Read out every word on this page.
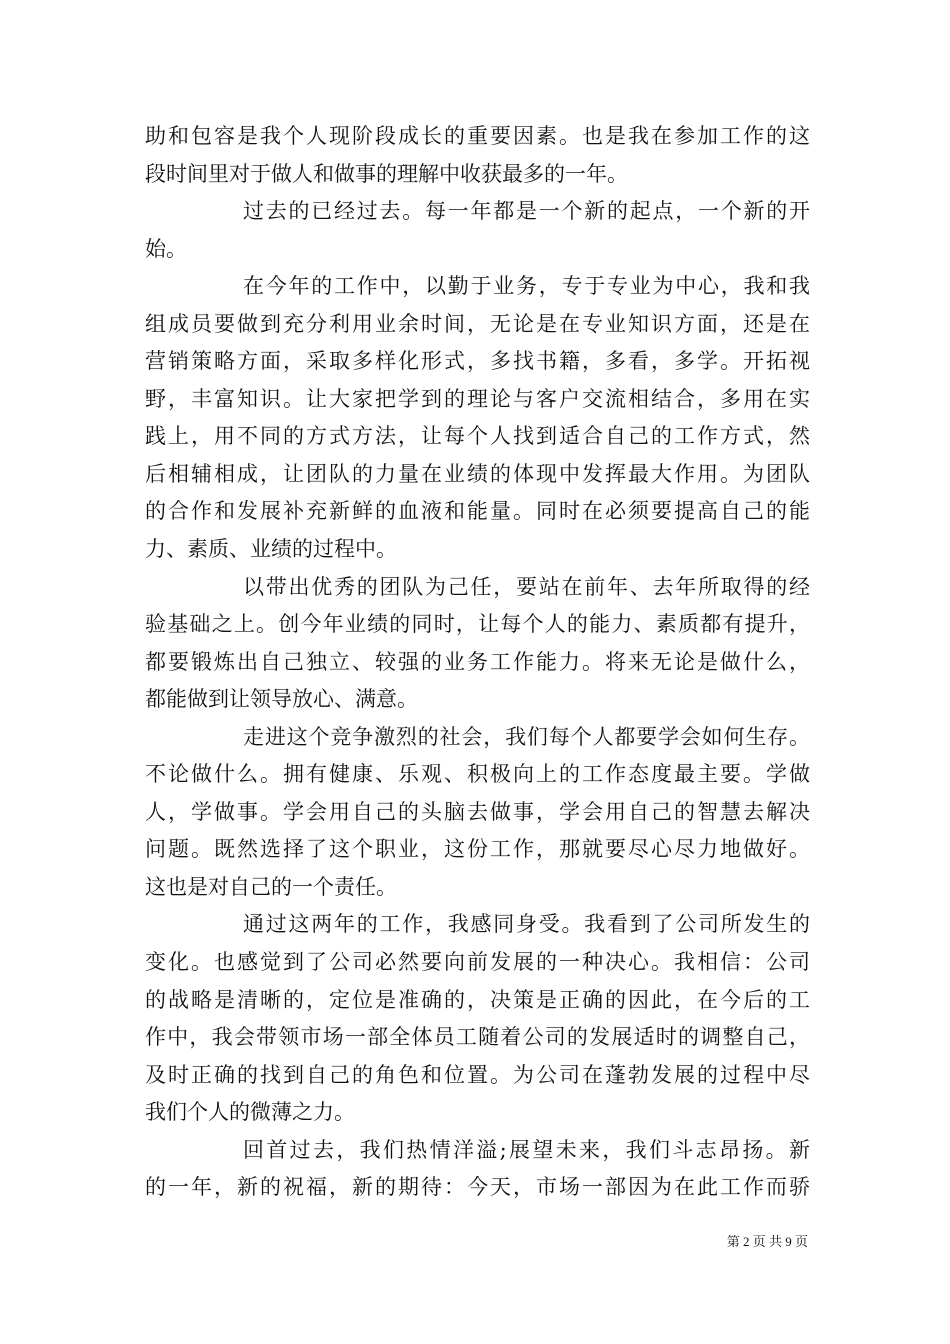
助和包容是我个人现阶段成长的重要因素。也是我在参加工作的这
段时间里对于做人和做事的理解中收获最多的一年。
过去的已经过去。每一年都是一个新的起点，一个新的开
始。
在今年的工作中，以勤于业务，专于专业为中心，我和我
组成员要做到充分利用业余时间，无论是在专业知识方面，还是在
营销策略方面，采取多样化形式，多找书籍，多看，多学。开拓视
野，丰富知识。让大家把学到的理论与客户交流相结合，多用在实
践上，用不同的方式方法，让每个人找到适合自己的工作方式，然
后相辅相成，让团队的力量在业绩的体现中发挥最大作用。为团队
的合作和发展补充新鲜的血液和能量。同时在必须要提高自己的能
力、素质、业绩的过程中。
以带出优秀的团队为己任，要站在前年、去年所取得的经
验基础之上。创今年业绩的同时，让每个人的能力、素质都有提升，
都要锻炼出自己独立、较强的业务工作能力。将来无论是做什么，
都能做到让领导放心、满意。
走进这个竞争激烈的社会，我们每个人都要学会如何生存。
不论做什么。拥有健康、乐观、积极向上的工作态度最主要。学做
人，学做事。学会用自己的头脑去做事，学会用自己的智慧去解决
问题。既然选择了这个职业，这份工作，那就要尽心尽力地做好。
这也是对自己的一个责任。
通过这两年的工作，我感同身受。我看到了公司所发生的
变化。也感觉到了公司必然要向前发展的一种决心。我相信：公司
的战略是清晰的，定位是准确的，决策是正确的因此，在今后的工
作中，我会带领市场一部全体员工随着公司的发展适时的调整自己，
及时正确的找到自己的角色和位置。为公司在蓬勃发展的过程中尽
我们个人的微薄之力。
回首过去，我们热情洋溢;展望未来，我们斗志昂扬。新
的一年，新的祝福，新的期待：今天，市场一部因为在此工作而骄
第 2 页 共 9 页
